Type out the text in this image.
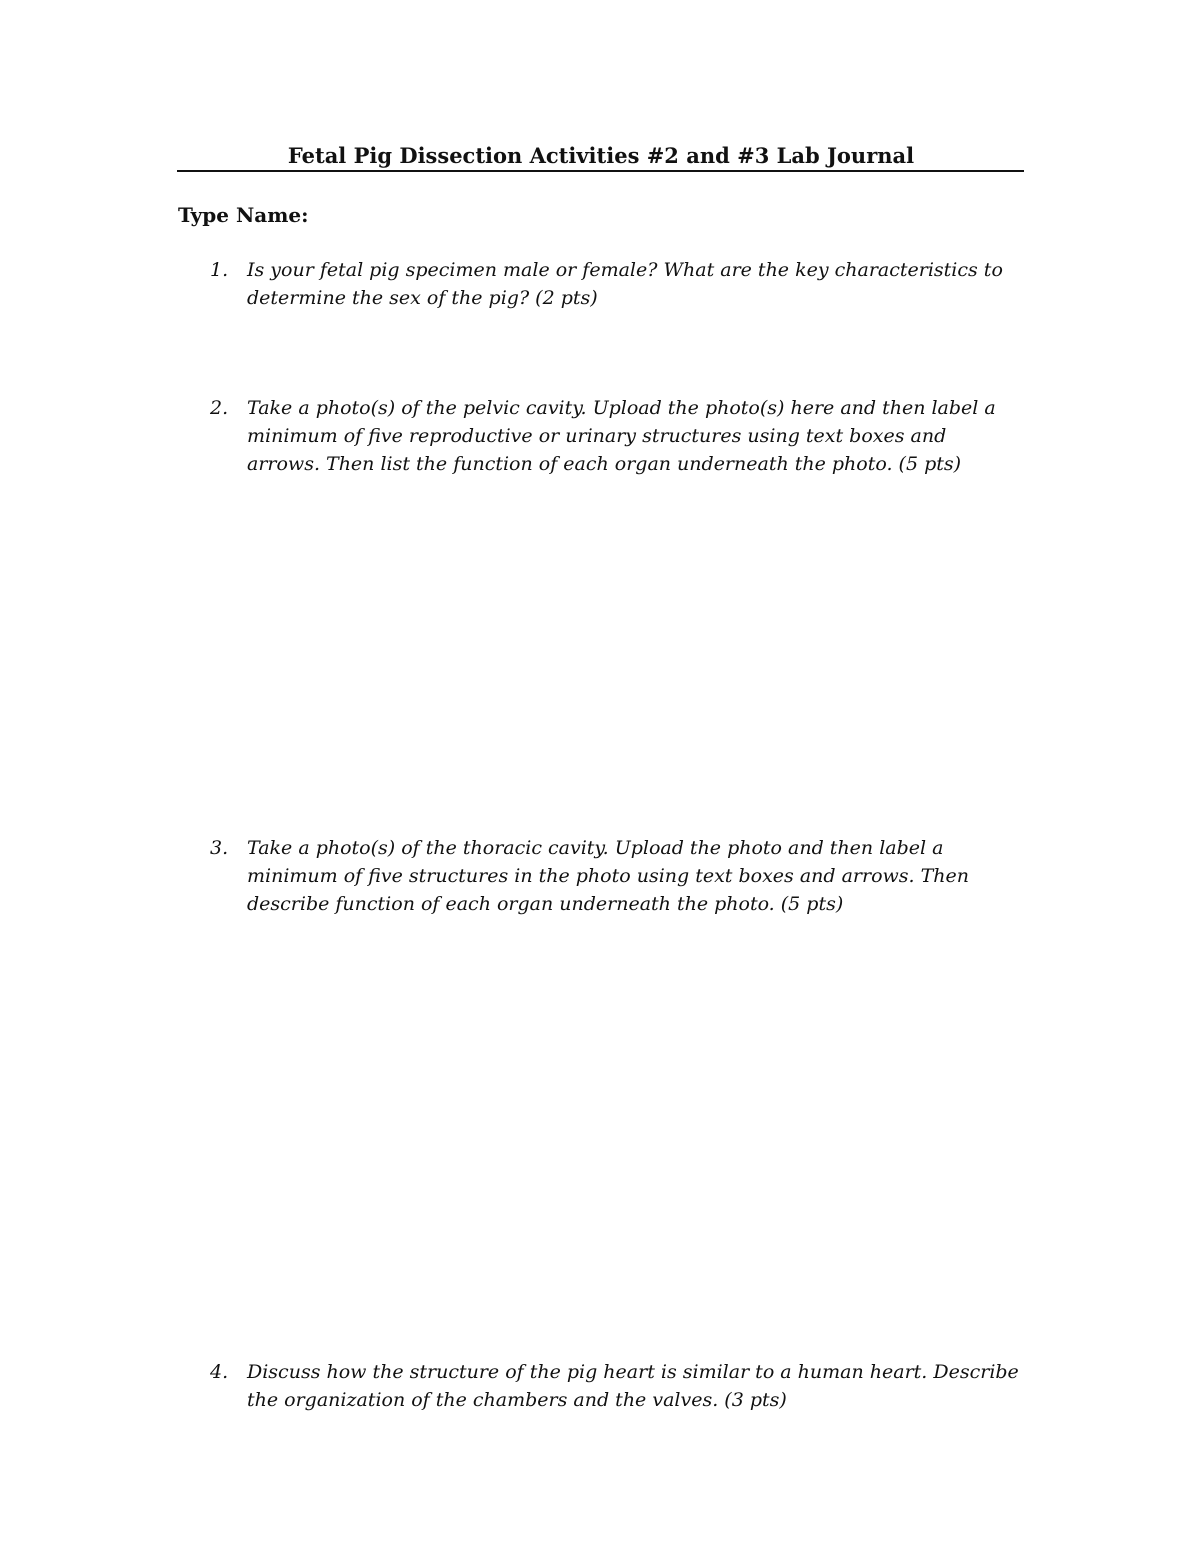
Fetal Pig Dissection Activities #2 and #3 Lab Journal
Type Name:
1. Is your fetal pig specimen male or female? What are the key characteristics to
determine the sex of the pig? (2 pts)
2. Take a photo(s) of the pelvic cavity. Upload the photo(s) here and then label a
minimum of five reproductive or urinary structures using text boxes and
arrows. Then list the function of each organ underneath the photo. (5 pts)
3. Take a photo(s) of the thoracic cavity. Upload the photo and then label a
minimum of five structures in the photo using text boxes and arrows. Then
describe function of each organ underneath the photo. (5 pts)
4. Discuss how the structure of the pig heart is similar to a human heart. Describe
the organization of the chambers and the valves. (3 pts)
